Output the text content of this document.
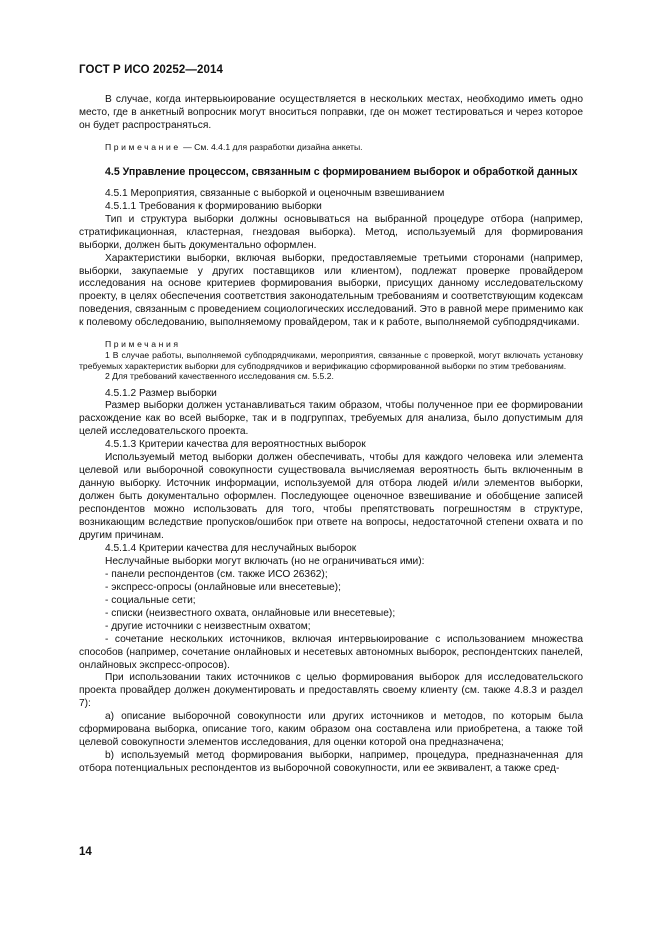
ГОСТ Р ИСО 20252—2014

В случае, когда интервьюирование осуществляется в нескольких местах, необходимо иметь одно место, где в анкетный вопросник могут вноситься поправки, где он может тестироваться и через которое он будет распространяться.

Примечание — См. 4.4.1 для разработки дизайна анкеты.

4.5 Управление процессом, связанным с формированием выборок и обработкой данных

4.5.1 Мероприятия, связанные с выборкой и оценочным взвешиванием

4.5.1.1 Требования к формированию выборки

Тип и структура выборки должны основываться на выбранной процедуре отбора (например, стратификационная, кластерная, гнездовая выборка). Метод, используемый для формирования выборки, должен быть документально оформлен.

Характеристики выборки, включая выборки, предоставляемые третьими сторонами (например, выборки, закупаемые у других поставщиков или клиентом), подлежат проверке провайдером исследования на основе критериев формирования выборки, присущих данному исследовательскому проекту, в целях обеспечения соответствия законодательным требованиям и соответствующим кодексам поведения, связанным с проведением социологических исследований. Это в равной мере применимо как к полевому обследованию, выполняемому провайдером, так и к работе, выполняемой субподрядчиками.

Примечания

1 В случае работы, выполняемой субподрядчиками, мероприятия, связанные с проверкой, могут включать установку требуемых характеристик выборки для субподрядчиков и верификацию сформированной выборки по этим требованиям.

2 Для требований качественного исследования см. 5.5.2.

4.5.1.2 Размер выборки

Размер выборки должен устанавливаться таким образом, чтобы полученное при ее формировании расхождение как во всей выборке, так и в подгруппах, требуемых для анализа, было допустимым для целей исследовательского проекта.

4.5.1.3 Критерии качества для вероятностных выборок

Используемый метод выборки должен обеспечивать, чтобы для каждого человека или элемента целевой или выборочной совокупности существовала вычисляемая вероятность быть включенным в данную выборку. Источник информации, используемой для отбора людей и/или элементов выборки, должен быть документально оформлен. Последующее оценочное взвешивание и обобщение записей респондентов можно использовать для того, чтобы препятствовать погрешностям в структуре, возникающим вследствие пропусков/ошибок при ответе на вопросы, недостаточной степени охвата и по другим причинам.

4.5.1.4 Критерии качества для неслучайных выборок

Неслучайные выборки могут включать (но не ограничиваться ими):

- панели респондентов (см. также ИСО 26362);

- экспресс-опросы (онлайновые или внесетевые);

- социальные сети;

- списки (неизвестного охвата, онлайновые или внесетевые);

- другие источники с неизвестным охватом;

- сочетание нескольких источников, включая интервьюирование с использованием множества способов (например, сочетание онлайновых и несетевых автономных выборок, респондентских панелей, онлайновых экспресс-опросов).

При использовании таких источников с целью формирования выборок для исследовательского проекта провайдер должен документировать и предоставлять своему клиенту (см. также 4.8.3 и раздел 7):

a) описание выборочной совокупности или других источников и методов, по которым была сформирована выборка, описание того, каким образом она составлена или приобретена, а также той целевой совокупности элементов исследования, для оценки которой она предназначена;

b) используемый метод формирования выборки, например, процедура, предназначенная для отбора потенциальных респондентов из выборочной совокупности, или ее эквивалент, а также сред-

14
